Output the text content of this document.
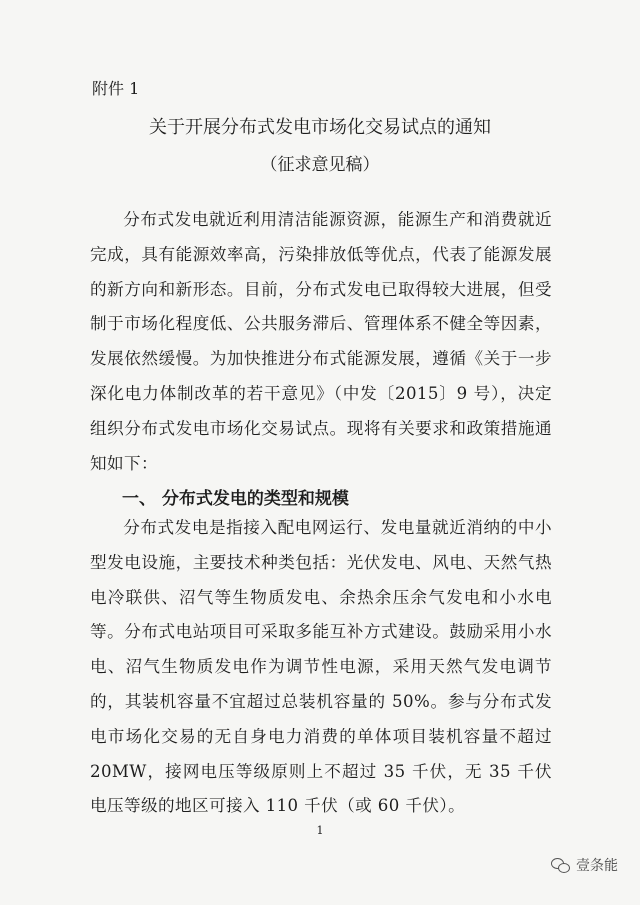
附件 1
关于开展分布式发电市场化交易试点的通知
（征求意见稿）

分布式发电就近利用清洁能源资源，能源生产和消费就近完成，具有能源效率高，污染排放低等优点，代表了能源发展的新方向和新形态。目前，分布式发电已取得较大进展，但受制于市场化程度低、公共服务滞后、管理体系不健全等因素，发展依然缓慢。为加快推进分布式能源发展，遵循《关于一步深化电力体制改革的若干意见》（中发〔2015〕9 号），决定组织分布式发电市场化交易试点。现将有关要求和政策措施通知如下：

一、 分布式发电的类型和规模

分布式发电是指接入配电网运行、发电量就近消纳的中小型发电设施，主要技术种类包括：光伏发电、风电、天然气热电冷联供、沼气等生物质发电、余热余压余气发电和小水电等。分布式电站项目可采取多能互补方式建设。鼓励采用小水电、沼气生物质发电作为调节性电源，采用天然气发电调节的，其装机容量不宜超过总装机容量的 50%。参与分布式发电市场化交易的无自身电力消费的单体项目装机容量不超过 20MW，接网电压等级原则上不超过 35 千伏，无 35 千伏电压等级的地区可接入 110 千伏（或 60 千伏）。

1
壹条能
